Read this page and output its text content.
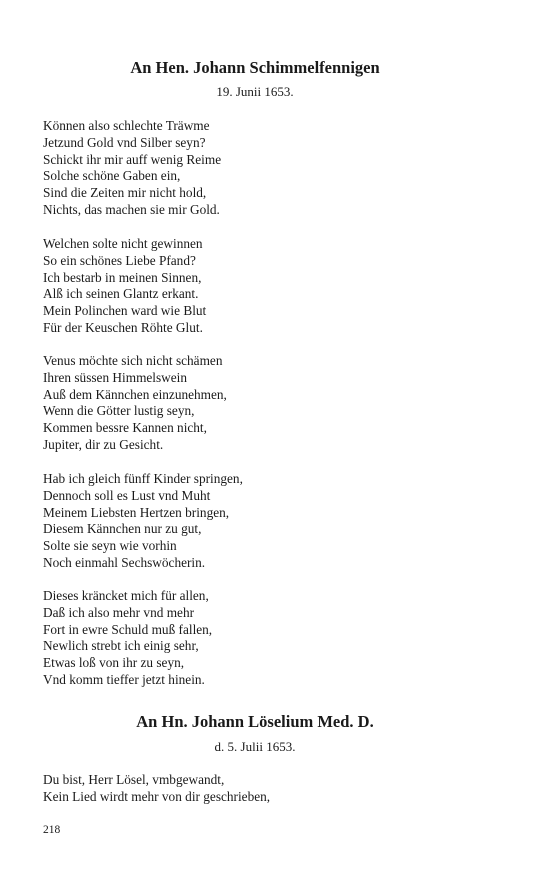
An Hen. Johann Schimmelfennigen
19. Junii 1653.
Können also schlechte Träwme
Jetzund Gold vnd Silber seyn?
Schickt ihr mir auff wenig Reime
Solche schöne Gaben ein,
Sind die Zeiten mir nicht hold,
Nichts, das machen sie mir Gold.
Welchen solte nicht gewinnen
So ein schönes Liebe Pfand?
Ich bestarb in meinen Sinnen,
Alß ich seinen Glantz erkant.
Mein Polinchen ward wie Blut
Für der Keuschen Röhte Glut.
Venus möchte sich nicht schämen
Ihren süssen Himmelswein
Auß dem Kännchen einzunehmen,
Wenn die Götter lustig seyn,
Kommen bessre Kannen nicht,
Jupiter, dir zu Gesicht.
Hab ich gleich fünff Kinder springen,
Dennoch soll es Lust vnd Muht
Meinem Liebsten Hertzen bringen,
Diesem Kännchen nur zu gut,
Solte sie seyn wie vorhin
Noch einmahl Sechswöcherin.
Dieses kräncket mich für allen,
Daß ich also mehr vnd mehr
Fort in ewre Schuld muß fallen,
Newlich strebt ich einig sehr,
Etwas loß von ihr zu seyn,
Vnd komm tieffer jetzt hinein.
An Hn. Johann Löselium Med. D.
d. 5. Julii 1653.
Du bist, Herr Lösel, vmbgewandt,
Kein Lied wirdt mehr von dir geschrieben,
218
